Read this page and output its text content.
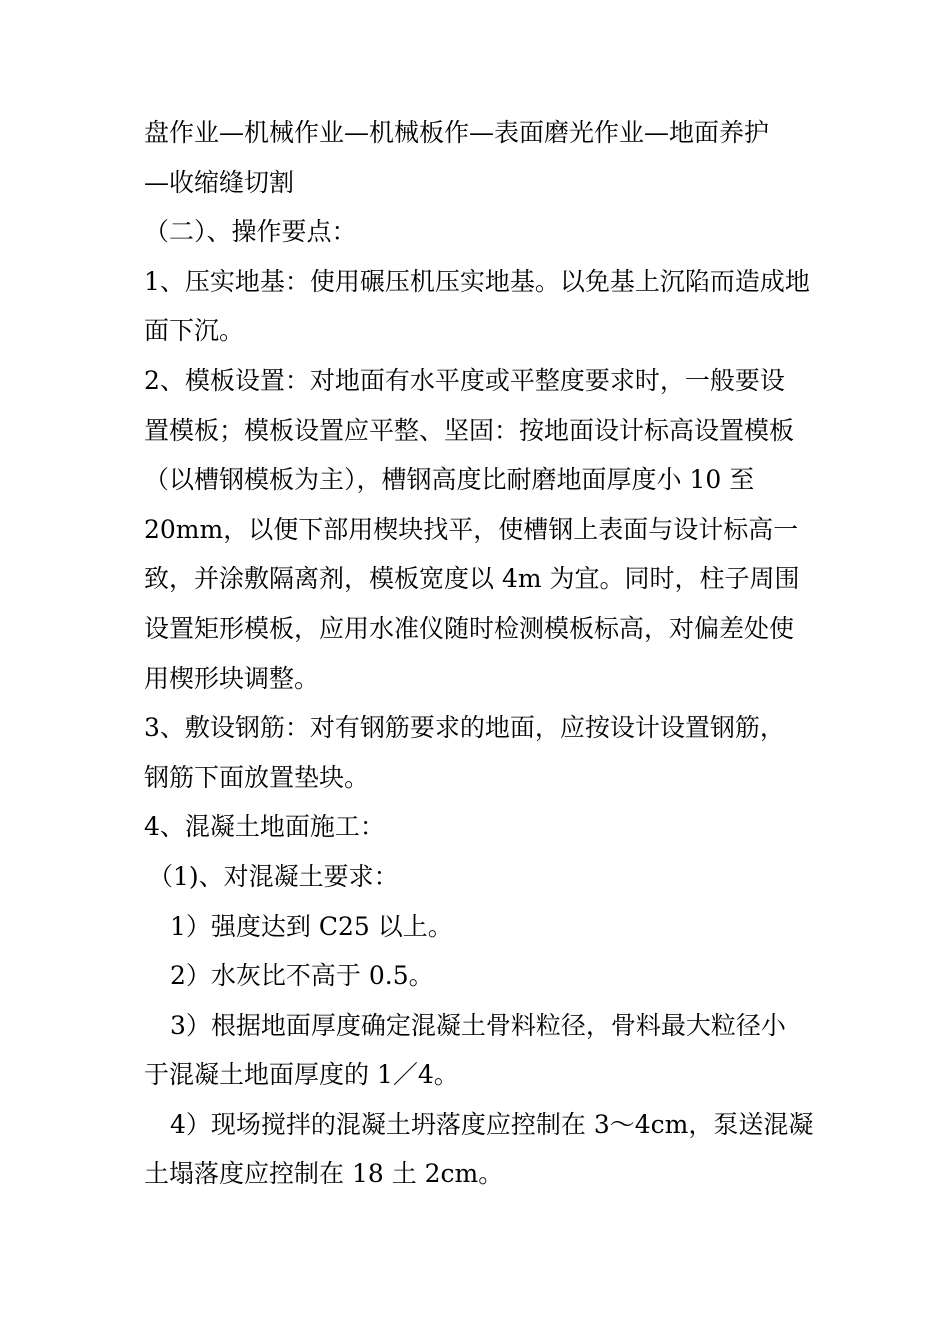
盘作业—机械作业—机械板作—表面磨光作业—地面养护
—收缩缝切割
（二）、操作要点：
1、压实地基：使用碾压机压实地基。以免基上沉陷而造成地
面下沉。
2、模板设置：对地面有水平度或平整度要求时，一般要设
置模板；模板设置应平整、坚固：按地面设计标高设置模板
（以槽钢模板为主），槽钢高度比耐磨地面厚度小 10 至
20mm，以便下部用楔块找平，使槽钢上表面与设计标高一
致，并涂敷隔离剂，模板宽度以 4m 为宜。同时，柱子周围
设置矩形模板，应用水准仪随时检测模板标高，对偏差处使
用楔形块调整。
3、敷设钢筋：对有钢筋要求的地面，应按设计设置钢筋，
钢筋下面放置垫块。
4、混凝土地面施工：
（1)、对混凝土要求：
1）强度达到 C25 以上。
2）水灰比不高于 0.5。
3）根据地面厚度确定混凝土骨料粒径，骨料最大粒径小
于混凝土地面厚度的 1／4。
4）现场搅拌的混凝土坍落度应控制在 3～4cm，泵送混凝
土塌落度应控制在 18 土 2cm。
